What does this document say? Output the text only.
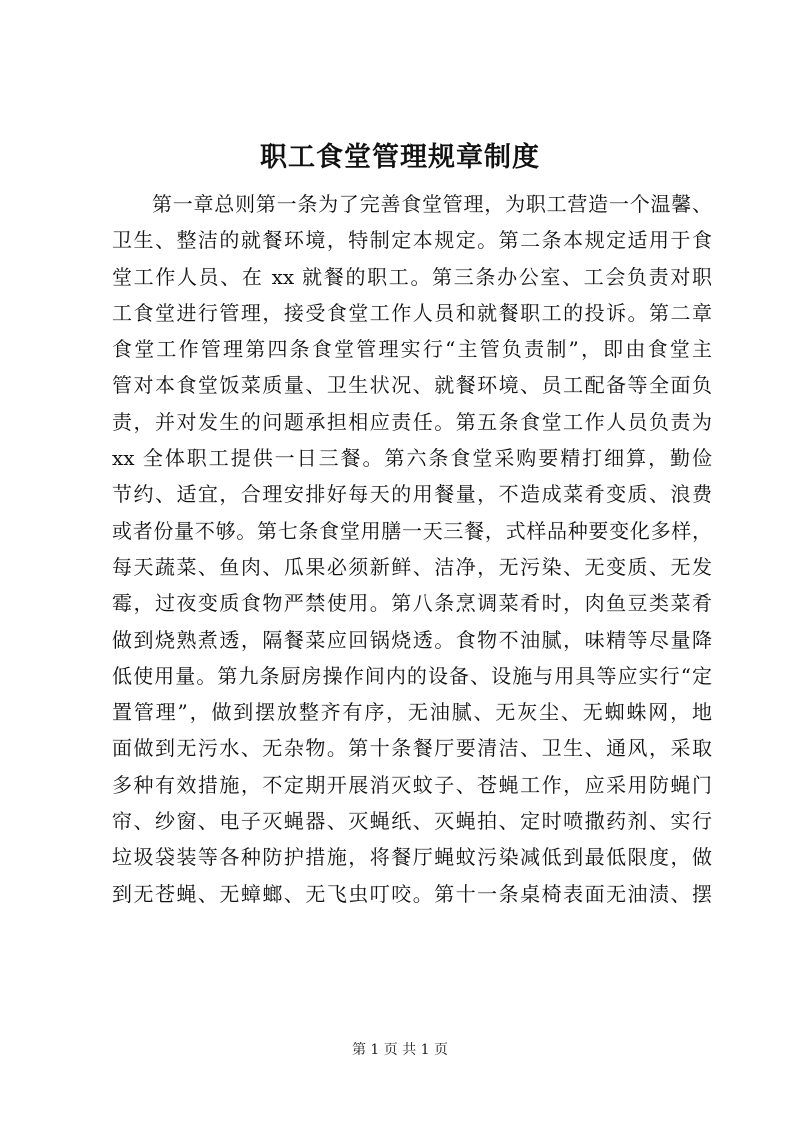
职工食堂管理规章制度
第一章总则第一条为了完善食堂管理，为职工营造一个温馨、
卫生、整洁的就餐环境，特制定本规定。第二条本规定适用于食
堂工作人员、在 xx 就餐的职工。第三条办公室、工会负责对职
工食堂进行管理，接受食堂工作人员和就餐职工的投诉。第二章
食堂工作管理第四条食堂管理实行“主管负责制”，即由食堂主
管对本食堂饭菜质量、卫生状况、就餐环境、员工配备等全面负
责，并对发生的问题承担相应责任。第五条食堂工作人员负责为
xx 全体职工提供一日三餐。第六条食堂采购要精打细算，勤俭
节约、适宜，合理安排好每天的用餐量，不造成菜肴变质、浪费
或者份量不够。第七条食堂用膳一天三餐，式样品种要变化多样，
每天蔬菜、鱼肉、瓜果必须新鲜、洁净，无污染、无变质、无发
霉，过夜变质食物严禁使用。第八条烹调菜肴时，肉鱼豆类菜肴
做到烧熟煮透，隔餐菜应回锅烧透。食物不油腻，味精等尽量降
低使用量。第九条厨房操作间内的设备、设施与用具等应实行“定
置管理”，做到摆放整齐有序，无油腻、无灰尘、无蜘蛛网，地
面做到无污水、无杂物。第十条餐厅要清洁、卫生、通风，采取
多种有效措施，不定期开展消灭蚊子、苍蝇工作，应采用防蝇门
帘、纱窗、电子灭蝇器、灭蝇纸、灭蝇拍、定时喷撒药剂、实行
垃圾袋装等各种防护措施，将餐厅蝇蚊污染减低到最低限度，做
到无苍蝇、无蟑螂、无飞虫叮咬。第十一条桌椅表面无油渍、摆
第 1 页 共 1 页
